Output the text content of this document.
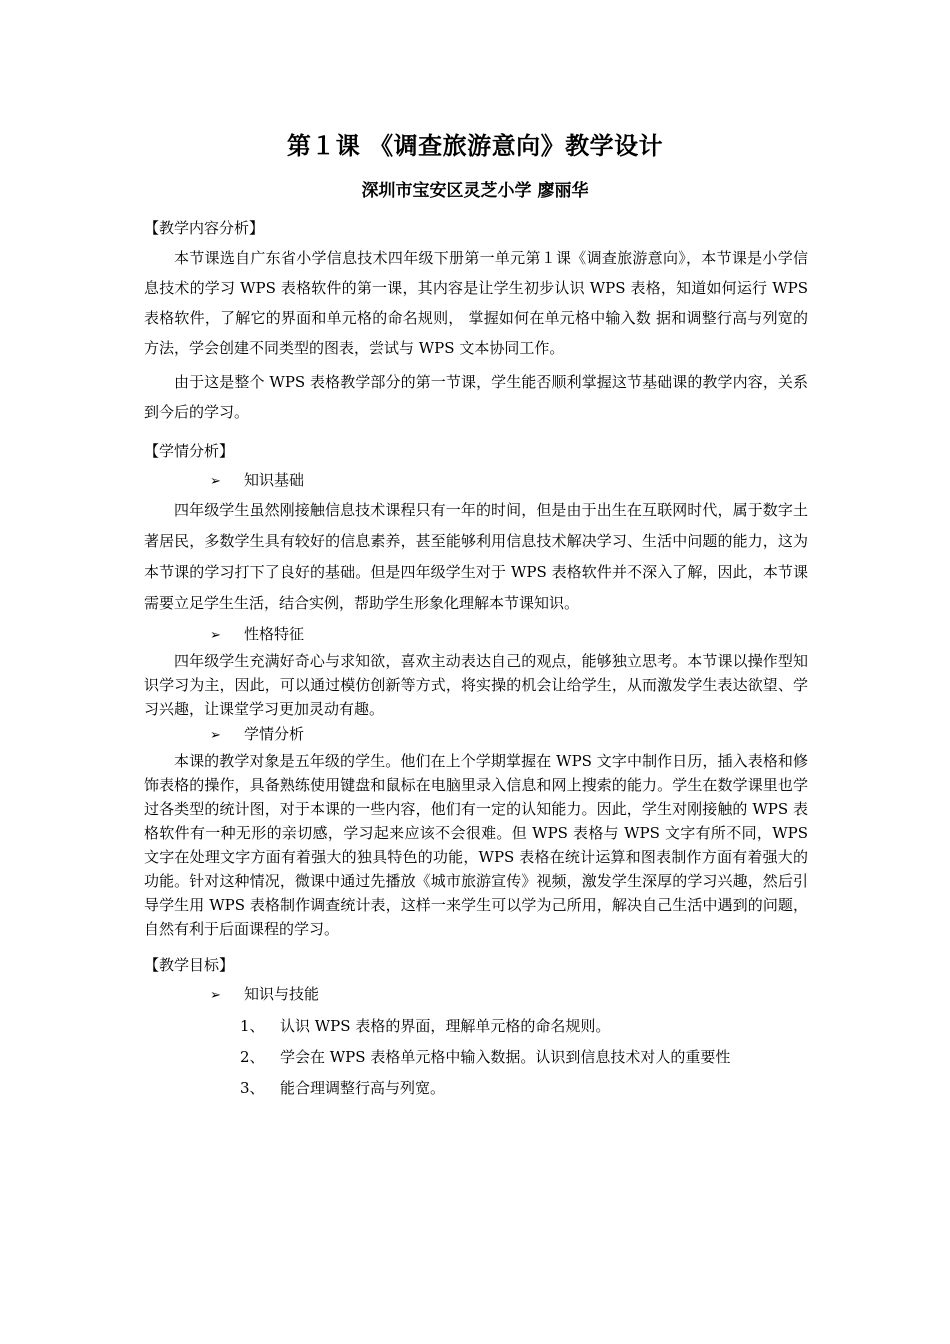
第１课 《调查旅游意向》教学设计
深圳市宝安区灵芝小学 廖丽华

【教学内容分析】

本节课选自广东省小学信息技术四年级下册第一单元第１课《调查旅游意向》，本节课是小学信息技术的学习 WPS 表格软件的第一课，其内容是让学生初步认识 WPS 表格，知道如何运行 WPS 表格软件，了解它的界面和单元格的命名规则， 掌握如何在单元格中输入数 据和调整行高与列宽的方法，学会创建不同类型的图表，尝试与 WPS 文本协同工作。

由于这是整个 WPS 表格教学部分的第一节课，学生能否顺利掌握这节基础课的教学内容，关系到今后的学习。

【学情分析】

➢ 知识基础

四年级学生虽然刚接触信息技术课程只有一年的时间，但是由于出生在互联网时代，属于数字土著居民，多数学生具有较好的信息素养，甚至能够利用信息技术解决学习、生活中问题的能力，这为本节课的学习打下了良好的基础。但是四年级学生对于 WPS 表格软件并不深入了解，因此，本节课需要立足学生生活，结合实例，帮助学生形象化理解本节课知识。

➢ 性格特征

四年级学生充满好奇心与求知欲，喜欢主动表达自己的观点，能够独立思考。本节课以操作型知识学习为主，因此，可以通过模仿创新等方式，将实操的机会让给学生，从而激发学生表达欲望、学习兴趣，让课堂学习更加灵动有趣。

➢ 学情分析

本课的教学对象是五年级的学生。他们在上个学期掌握在 WPS 文字中制作日历，插入表格和修饰表格的操作，具备熟练使用键盘和鼠标在电脑里录入信息和网上搜索的能力。学生在数学课里也学过各类型的统计图，对于本课的一些内容，他们有一定的认知能力。因此，学生对刚接触的 WPS 表格软件有一种无形的亲切感，学习起来应该不会很难。但 WPS 表格与 WPS 文字有所不同，WPS 文字在处理文字方面有着强大的独具特色的功能，WPS 表格在统计运算和图表制作方面有着强大的功能。针对这种情况，微课中通过先播放《城市旅游宣传》视频，激发学生深厚的学习兴趣，然后引导学生用 WPS 表格制作调查统计表，这样一来学生可以学为己所用，解决自己生活中遇到的问题，自然有利于后面课程的学习。

【教学目标】

➢ 知识与技能

1、 认识 WPS 表格的界面，理解单元格的命名规则。

2、 学会在 WPS 表格单元格中输入数据。认识到信息技术对人的重要性

3、 能合理调整行高与列宽。
